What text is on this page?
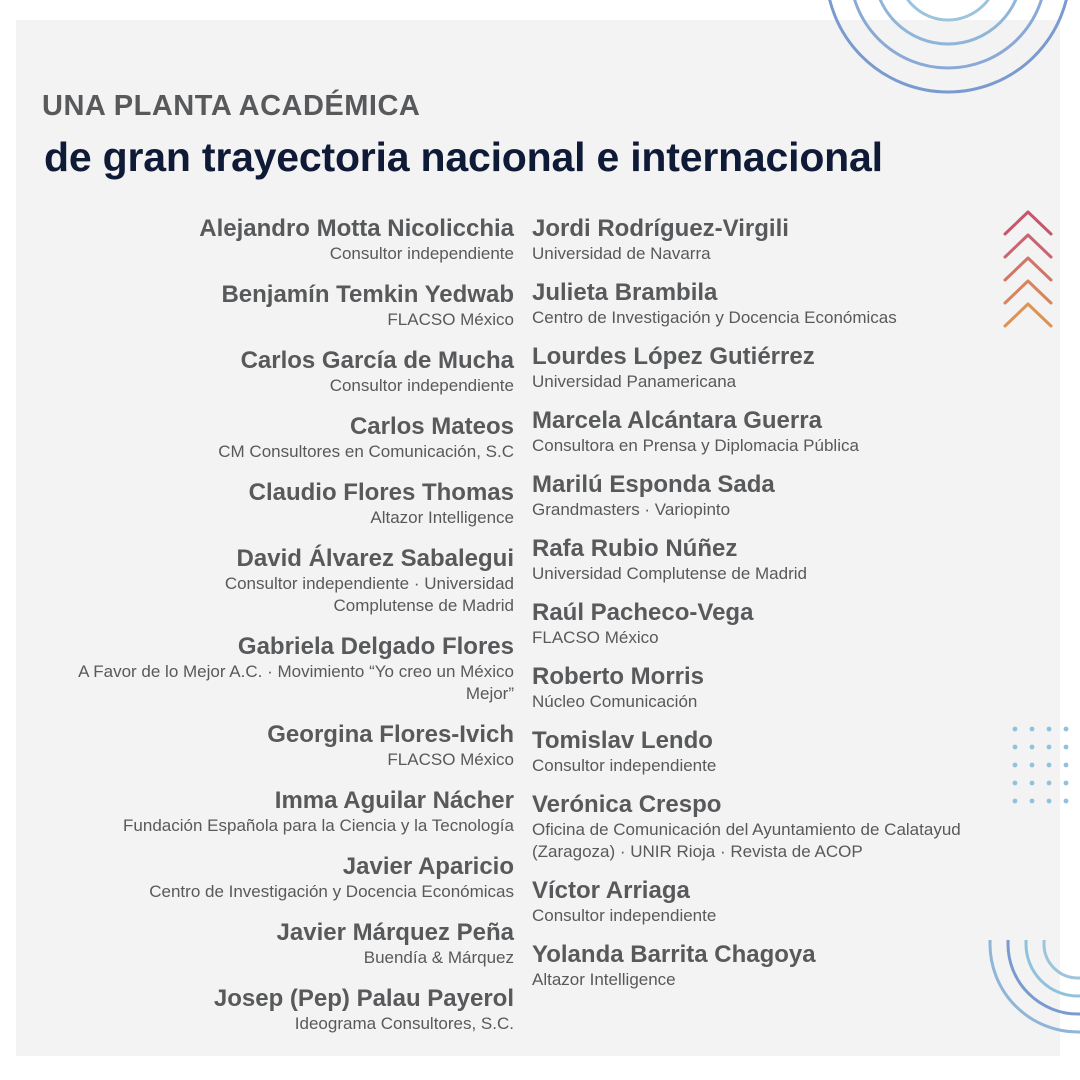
UNA PLANTA ACADÉMICA
de gran trayectoria nacional e internacional
Alejandro Motta Nicolicchia
Consultor independiente
Benjamín Temkin Yedwab
FLACSO México
Carlos García de Mucha
Consultor independiente
Carlos Mateos
CM Consultores en Comunicación, S.C
Claudio Flores Thomas
Altazor Intelligence
David Álvarez Sabalegui
Consultor independiente · Universidad Complutense de Madrid
Gabriela Delgado Flores
A Favor de lo Mejor A.C. · Movimiento “Yo creo un México Mejor”
Georgina Flores-Ivich
FLACSO México
Imma Aguilar Nácher
Fundación Española para la Ciencia y la Tecnología
Javier Aparicio
Centro de Investigación y Docencia Económicas
Javier Márquez Peña
Buendía & Márquez
Josep (Pep) Palau Payerol
Ideograma Consultores, S.C.
Jordi Rodríguez-Virgili
Universidad de Navarra
Julieta Brambila
Centro de Investigación y Docencia Económicas
Lourdes López Gutiérrez
Universidad Panamericana
Marcela Alcántara Guerra
Consultora en Prensa y Diplomacia Pública
Marilú Esponda Sada
Grandmasters · Variopinto
Rafa Rubio Núñez
Universidad Complutense de Madrid
Raúl Pacheco-Vega
FLACSO México
Roberto Morris
Núcleo Comunicación
Tomislav Lendo
Consultor independiente
Verónica Crespo
Oficina de Comunicación del Ayuntamiento de Calatayud (Zaragoza) · UNIR Rioja · Revista de ACOP
Víctor Arriaga
Consultor independiente
Yolanda Barrita Chagoya
Altazor Intelligence
